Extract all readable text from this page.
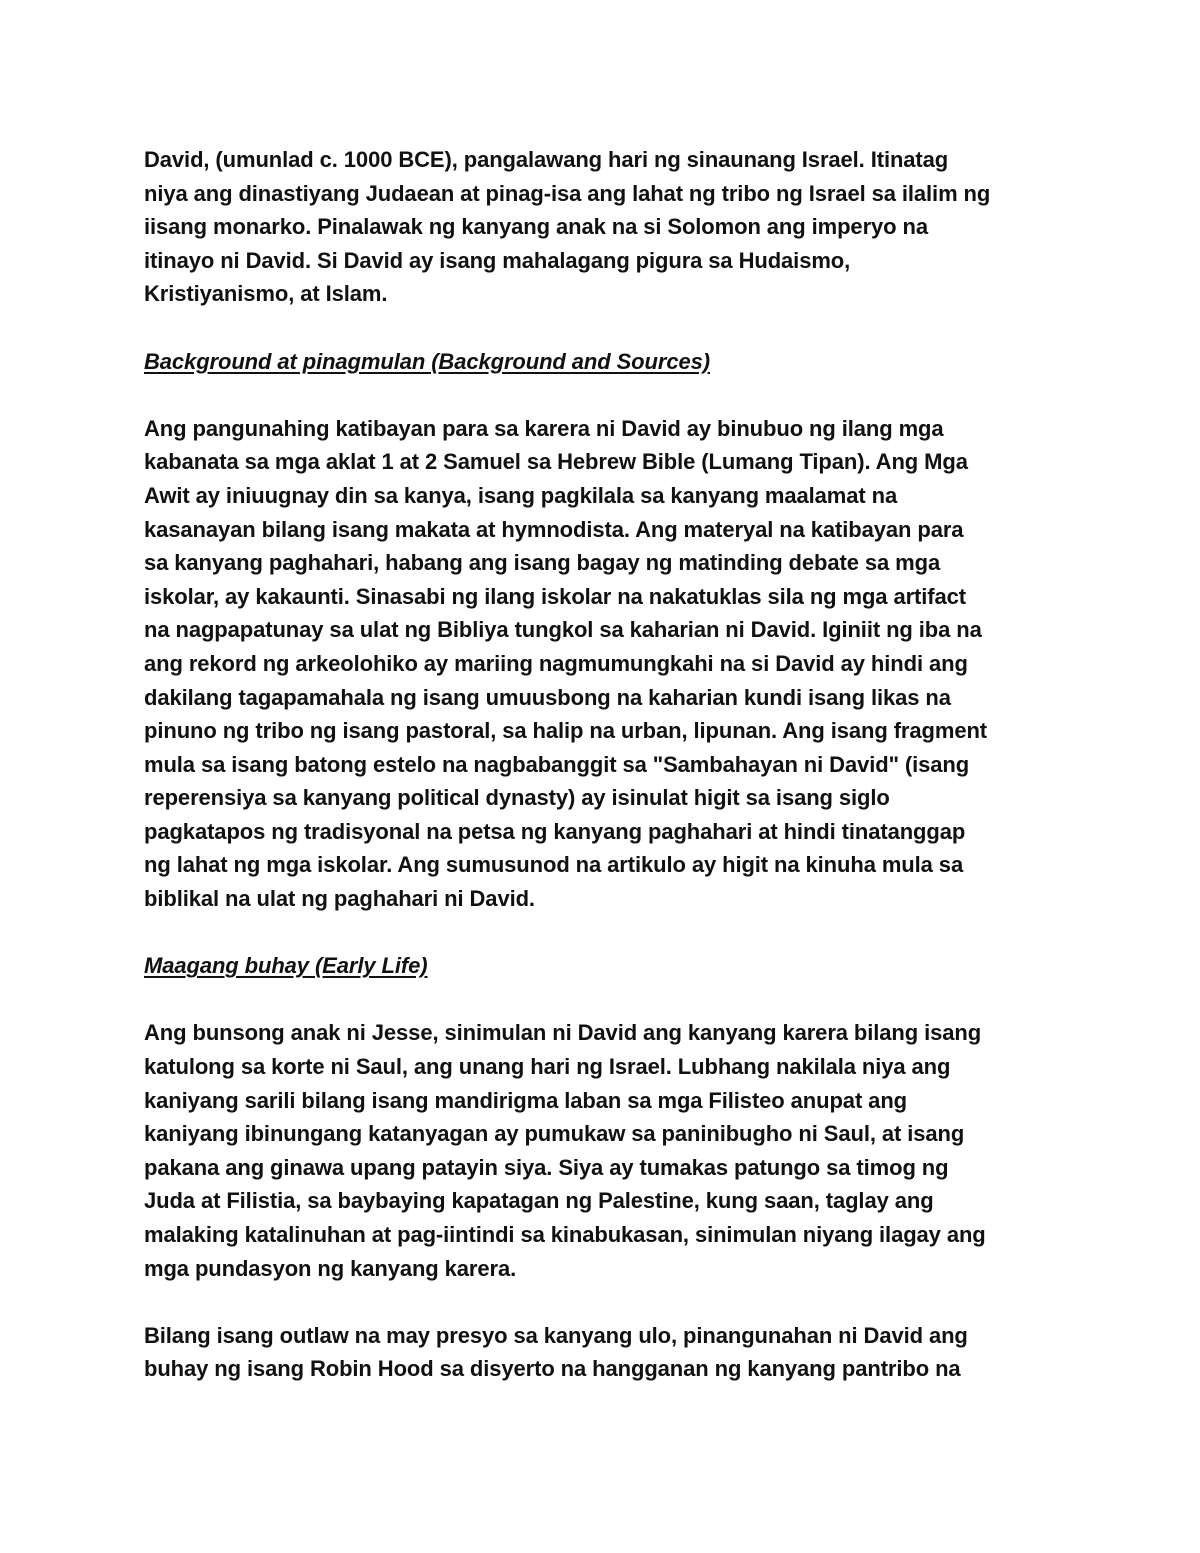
David, (umunlad c. 1000 BCE), pangalawang hari ng sinaunang Israel. Itinatag
niya ang dinastiyang Judaean at pinag-isa ang lahat ng tribo ng Israel sa ilalim ng
iisang monarko. Pinalawak ng kanyang anak na si Solomon ang imperyo na
itinayo ni David. Si David ay isang mahalagang pigura sa Hudaismo,
Kristiyanismo, at Islam.

Background at pinagmulan (Background and Sources)

Ang pangunahing katibayan para sa karera ni David ay binubuo ng ilang mga
kabanata sa mga aklat 1 at 2 Samuel sa Hebrew Bible (Lumang Tipan). Ang Mga
Awit ay iniuugnay din sa kanya, isang pagkilala sa kanyang maalamat na
kasanayan bilang isang makata at hymnodista. Ang materyal na katibayan para
sa kanyang paghahari, habang ang isang bagay ng matinding debate sa mga
iskolar, ay kakaunti. Sinasabi ng ilang iskolar na nakatuklas sila ng mga artifact
na nagpapatunay sa ulat ng Bibliya tungkol sa kaharian ni David. Iginiit ng iba na
ang rekord ng arkeolohiko ay mariing nagmumungkahi na si David ay hindi ang
dakilang tagapamahala ng isang umuusbong na kaharian kundi isang likas na
pinuno ng tribo ng isang pastoral, sa halip na urban, lipunan. Ang isang fragment
mula sa isang batong estelo na nagbabanggit sa "Sambahayan ni David" (isang
reperensiya sa kanyang political dynasty) ay isinulat higit sa isang siglo
pagkatapos ng tradisyonal na petsa ng kanyang paghahari at hindi tinatanggap
ng lahat ng mga iskolar. Ang sumusunod na artikulo ay higit na kinuha mula sa
biblikal na ulat ng paghahari ni David.

Maagang buhay (Early Life)

Ang bunsong anak ni Jesse, sinimulan ni David ang kanyang karera bilang isang
katulong sa korte ni Saul, ang unang hari ng Israel. Lubhang nakilala niya ang
kaniyang sarili bilang isang mandirigma laban sa mga Filisteo anupat ang
kaniyang ibinungang katanyagan ay pumukaw sa paninibugho ni Saul, at isang
pakana ang ginawa upang patayin siya. Siya ay tumakas patungo sa timog ng
Juda at Filistia, sa baybaying kapatagan ng Palestine, kung saan, taglay ang
malaking katalinuhan at pag-iintindi sa kinabukasan, sinimulan niyang ilagay ang
mga pundasyon ng kanyang karera.

Bilang isang outlaw na may presyo sa kanyang ulo, pinangunahan ni David ang
buhay ng isang Robin Hood sa disyerto na hangganan ng kanyang pantribo na
